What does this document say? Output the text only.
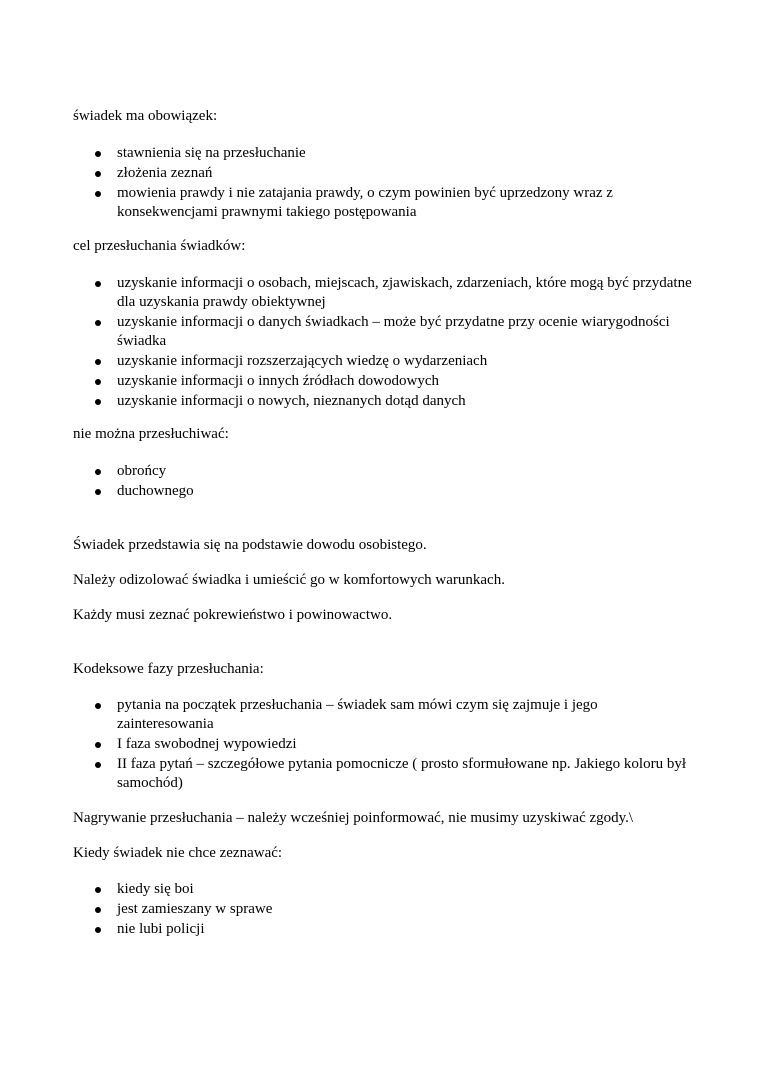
świadek ma obowiązek:

stawnienia się na przesłuchanie
złożenia zeznań
mowienia prawdy i nie zatajania prawdy, o czym powinien być uprzedzony wraz z konsekwencjami prawnymi takiego postępowania

cel przesłuchania świadków:

uzyskanie informacji o osobach, miejscach, zjawiskach, zdarzeniach, które mogą być przydatne dla uzyskania prawdy obiektywnej
uzyskanie informacji o danych świadkach – może być przydatne przy ocenie wiarygodności świadka
uzyskanie informacji rozszerzających wiedzę o wydarzeniach
uzyskanie informacji o innych źródłach dowodowych
uzyskanie informacji o nowych, nieznanych dotąd danych

nie można przesłuchiwać:

obrońcy
duchownego

Świadek przedstawia się na podstawie dowodu osobistego.

Należy odizolować świadka i umieścić go w komfortowych warunkach.

Każdy musi zeznać pokrewieństwo i powinowactwo.

Kodeksowe fazy przesłuchania:

pytania na początek przesłuchania – świadek sam mówi czym się zajmuje i jego zainteresowania
I faza swobodnej wypowiedzi
II faza pytań – szczegółowe pytania pomocnicze ( prosto sformułowane np. Jakiego koloru był samochód)

Nagrywanie przesłuchania – należy wcześniej poinformować, nie musimy uzyskiwać zgody.\

Kiedy świadek nie chce zeznawać:

kiedy się boi
jest zamieszany w sprawe
nie lubi policji
